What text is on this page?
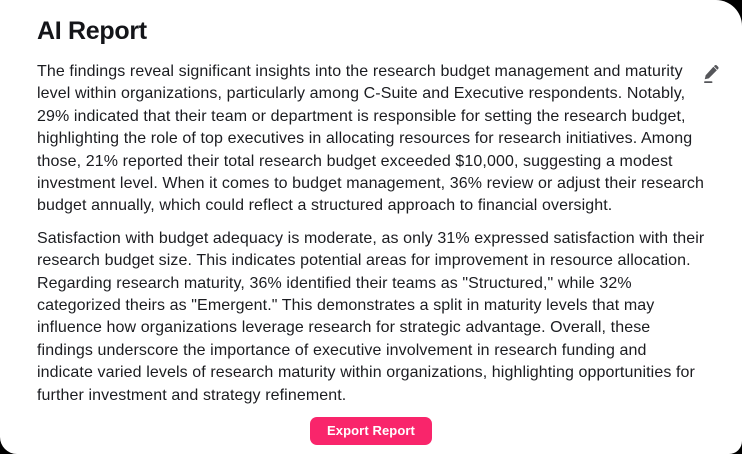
AI Report

The findings reveal significant insights into the research budget management and maturity level within organizations, particularly among C-Suite and Executive respondents. Notably, 29% indicated that their team or department is responsible for setting the research budget, highlighting the role of top executives in allocating resources for research initiatives. Among those, 21% reported their total research budget exceeded $10,000, suggesting a modest investment level. When it comes to budget management, 36% review or adjust their research budget annually, which could reflect a structured approach to financial oversight.

Satisfaction with budget adequacy is moderate, as only 31% expressed satisfaction with their research budget size. This indicates potential areas for improvement in resource allocation. Regarding research maturity, 36% identified their teams as "Structured," while 32% categorized theirs as "Emergent." This demonstrates a split in maturity levels that may influence how organizations leverage research for strategic advantage. Overall, these findings underscore the importance of executive involvement in research funding and indicate varied levels of research maturity within organizations, highlighting opportunities for further investment and strategy refinement.

Export Report
